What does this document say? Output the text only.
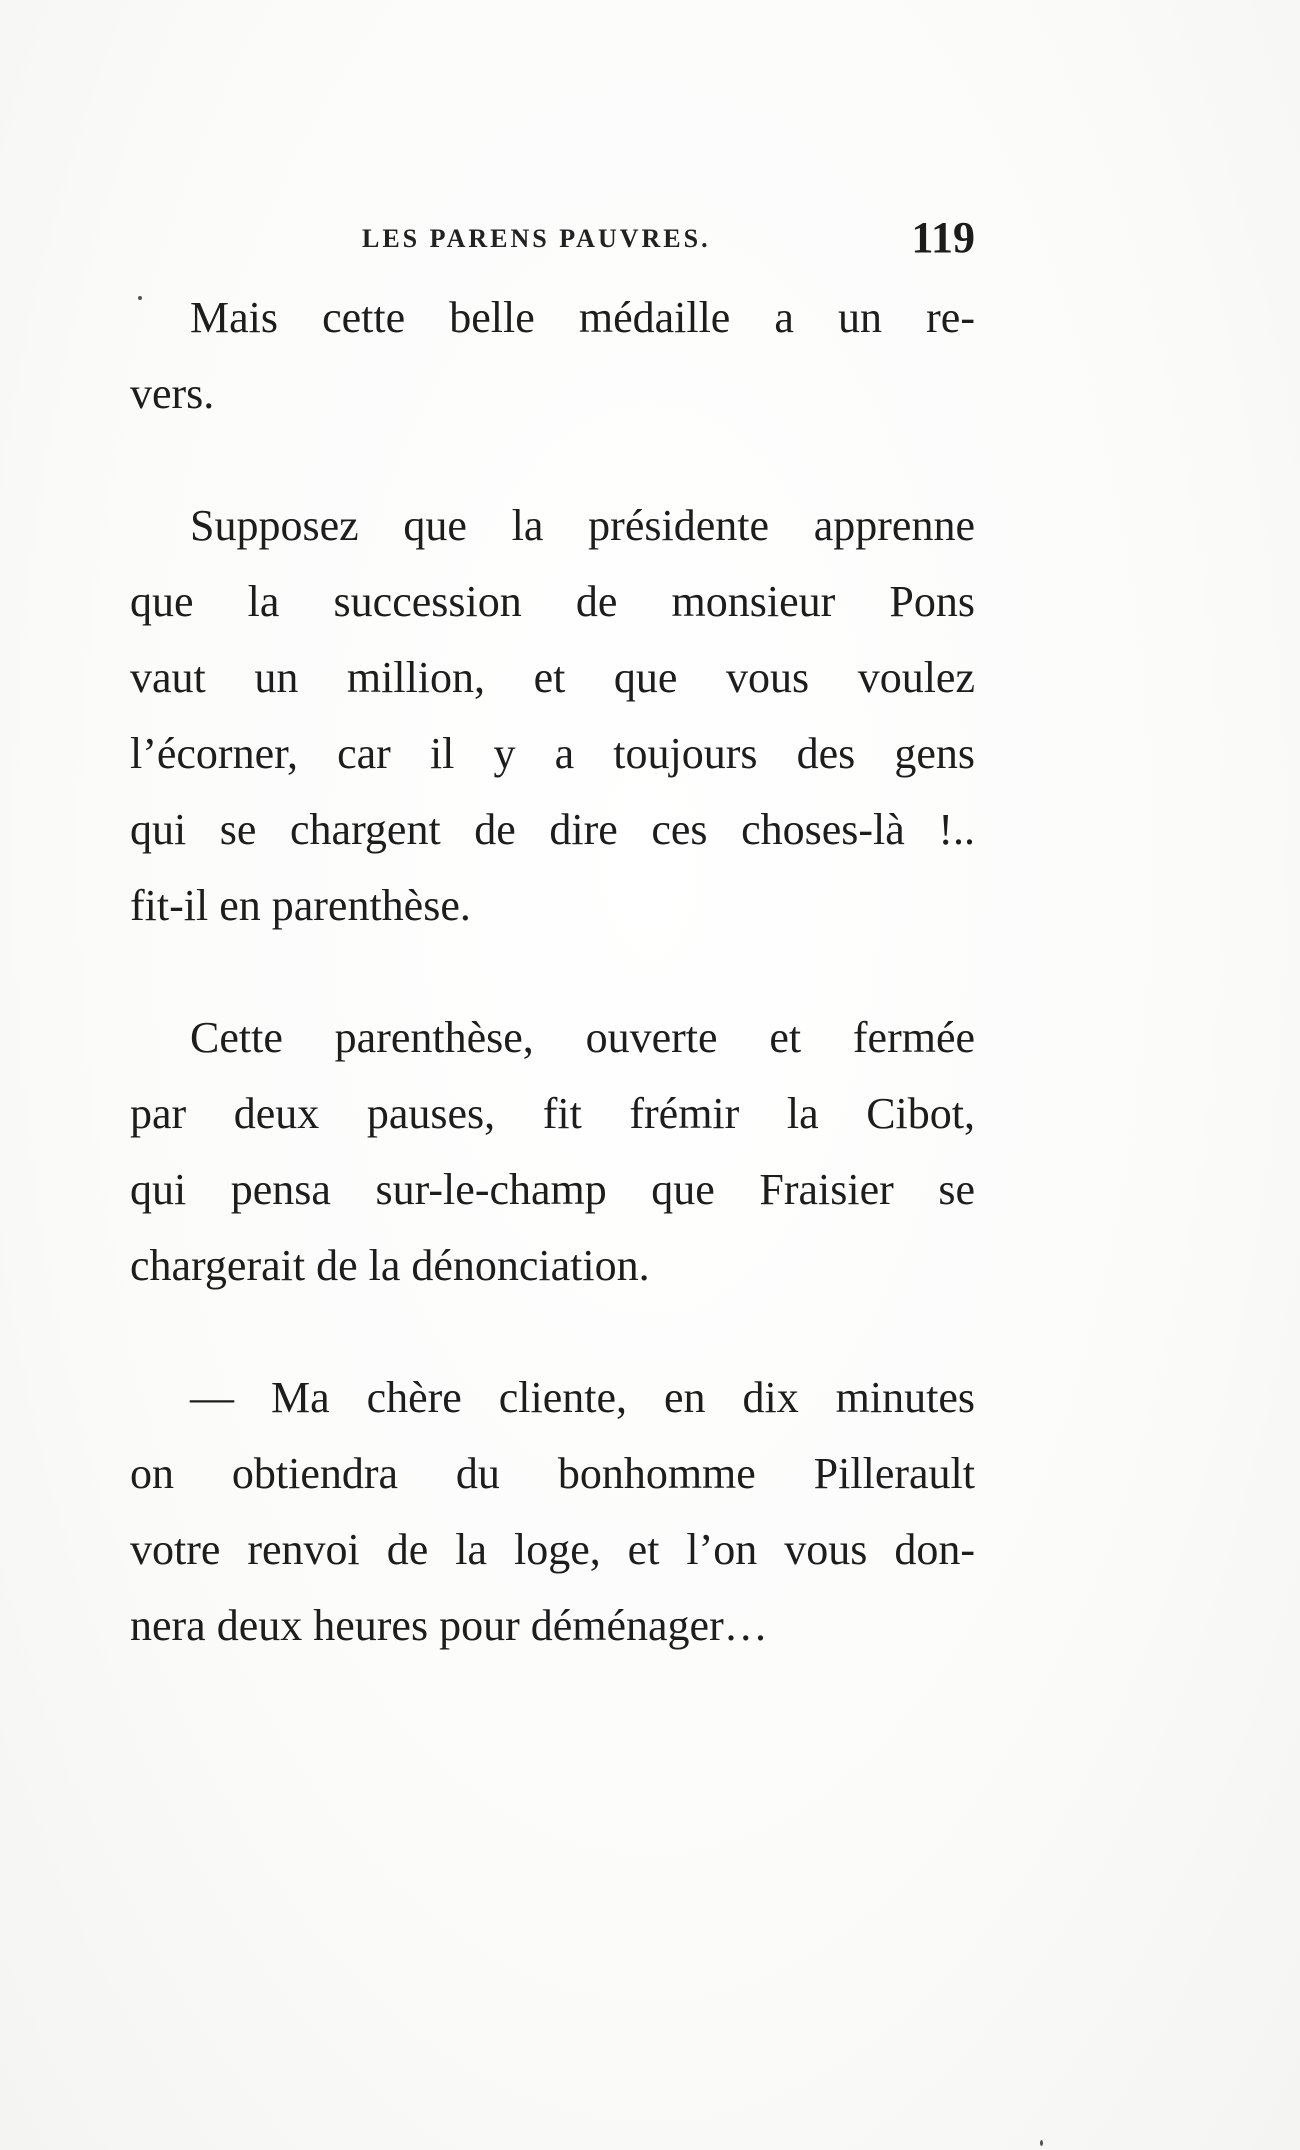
LES PARENS PAUVRES.	119
Mais cette belle médaille a un re-
vers.
Supposez que la présidente apprenne
que la succession de monsieur Pons
vaut un million, et que vous voulez
l’écorner, car il y a toujours des gens
qui se chargent de dire ces choses-là !..
fit-il en parenthèse.
Cette parenthèse, ouverte et fermée
par deux pauses, fit frémir la Cibot,
qui pensa sur-le-champ que Fraisier se
chargerait de la dénonciation.
— Ma chère cliente, en dix minutes
on obtiendra du bonhomme Pillerault
votre renvoi de la loge, et l’on vous don-
nera deux heures pour déménager…
